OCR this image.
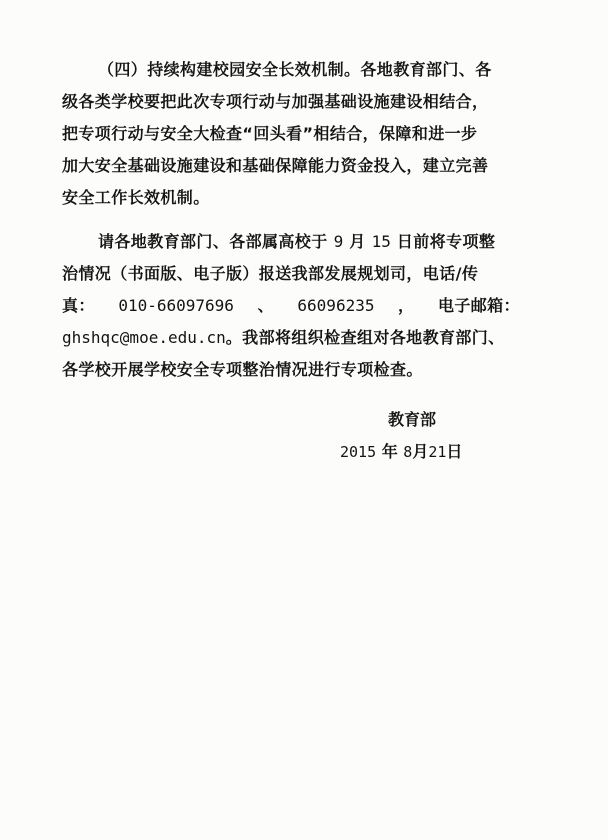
（四）持续构建校园安全长效机制。各地教育部门、各
级各类学校要把此次专项行动与加强基础设施建设相结合，
把专项行动与安全大检查“回头看”相结合，保障和进一步
加大安全基础设施建设和基础保障能力资金投入，建立完善
安全工作长效机制。
请各地教育部门、各部属高校于 9 月 15 日前将专项整
治情况（书面版、电子版）报送我部发展规划司，电话/传
真： 010-66097696 、 66096235 ， 电子邮箱：
ghshqc@moe.edu.cn。我部将组织检查组对各地教育部门、
各学校开展学校安全专项整治情况进行专项检查。
教育部
2015 年 8月21日
